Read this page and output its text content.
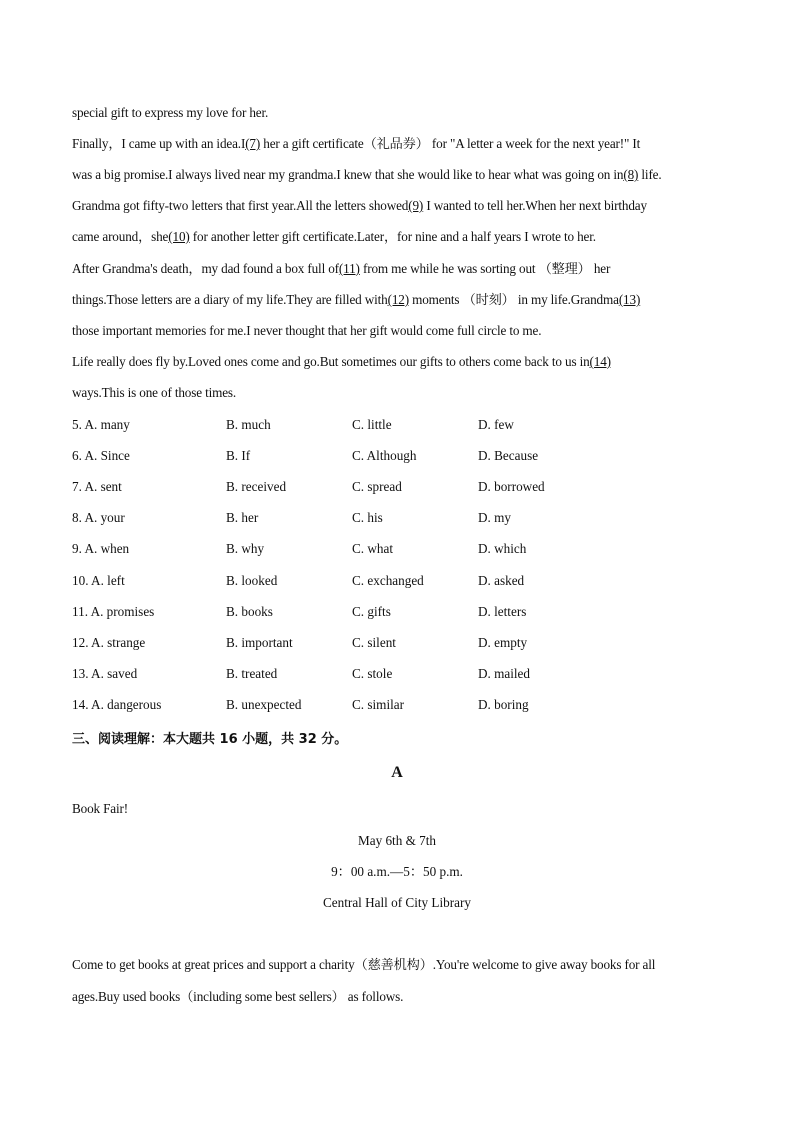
special gift to express my love for her.
Finally，I came up with an idea.I(7) her a gift certificate（礼品券） for "A letter a week for the next year!" It
was a big promise.I always lived near my grandma.I knew that she would like to hear what was going on in(8) life.
Grandma got fifty-two letters that first year.All the letters showed(9) I wanted to tell her.When her next birthday
came around，she(10) for another letter gift certificate.Later，for nine and a half years I wrote to her.
After Grandma's death，my dad found a box full of(11) from me while he was sorting out （整理） her
things.Those letters are a diary of my life.They are filled with(12) moments （时刻） in my life.Grandma(13)
those important memories for me.I never thought that her gift would come full circle to me.
Life really does fly by.Loved ones come and go.But sometimes our gifts to others come back to us in(14)
ways.This is one of those times.
5. A. many	B. much	C. little	D. few
6. A. Since	B. If	C. Although	D. Because
7. A. sent	B. received	C. spread	D. borrowed
8. A. your	B. her	C. his	D. my
9. A. when	B. why	C. what	D. which
10. A. left	B. looked	C. exchanged	D. asked
11. A. promises	B. books	C. gifts	D. letters
12. A. strange	B. important	C. silent	D. empty
13. A. saved	B. treated	C. stole	D. mailed
14. A. dangerous	B. unexpected	C. similar	D. boring
三、阅读理解：本大题共 16 小题，共 32 分。
A
Book Fair!
May 6th & 7th
9：00 a.m.—5：50 p.m.
Central Hall of City Library
Come to get books at great prices and support a charity（慈善机构）.You're welcome to give away books for all
ages.Buy used books（including some best sellers） as follows.
